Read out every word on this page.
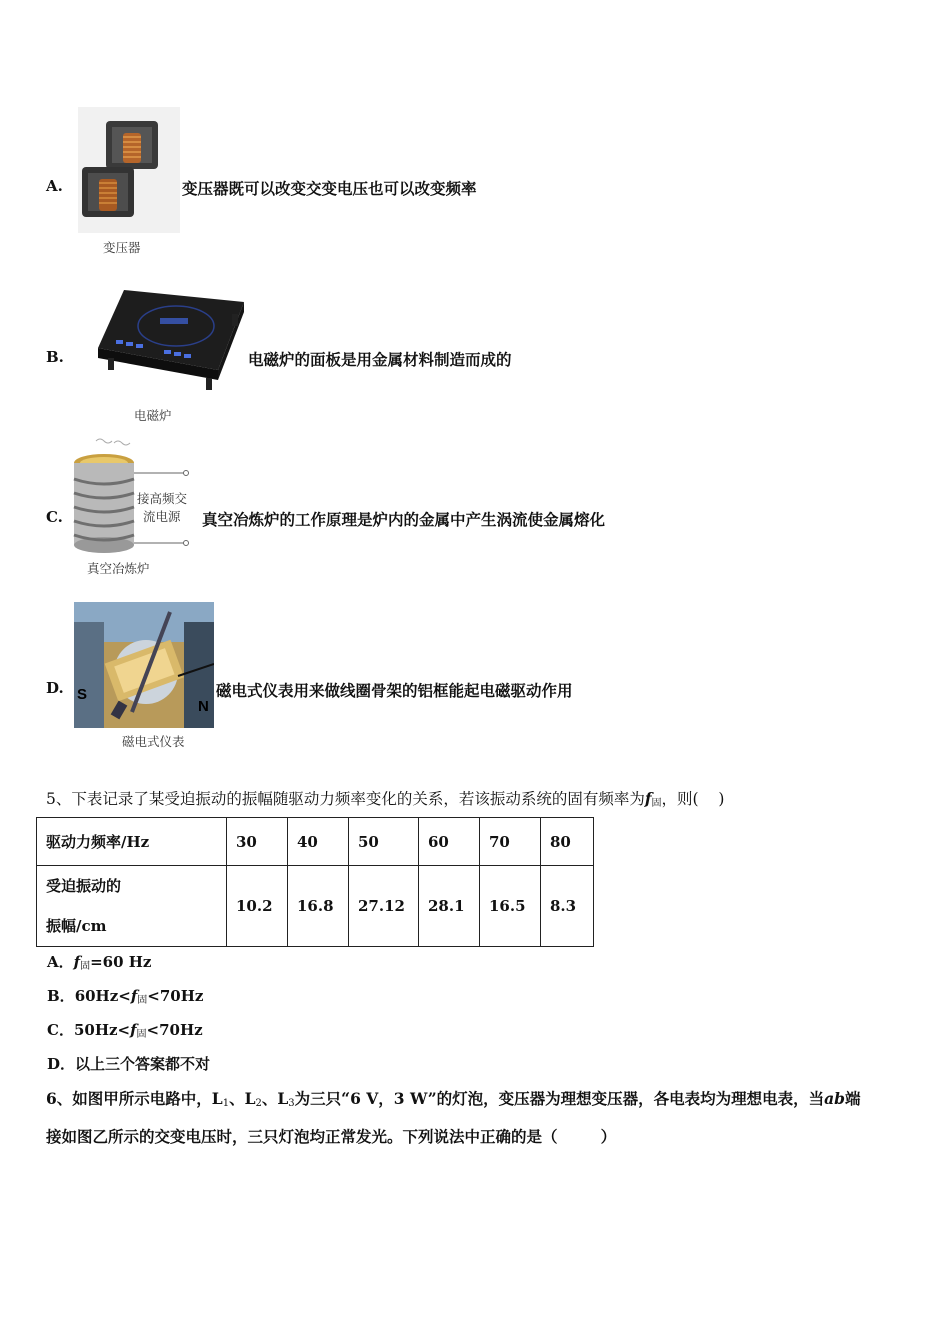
A.
变压器
变压器既可以改变交变电压也可以改变频率
B.
电磁炉
电磁炉的面板是用金属材料制造而成的
C.
接高频交
流电源
真空冶炼炉
真空冶炼炉的工作原理是炉内的金属中产生涡流使金属熔化
D. S
N
磁电式仪表
磁电式仪表用来做线圈骨架的铝框能起电磁驱动作用
5、下表记录了某受迫振动的振幅随驱动力频率变化的关系，若该振动系统的固有频率为$f_固$，则(    )
驱动力频率/Hz	30	40	50	60	70	80

受迫振动的
振幅/cm	10.2	16.8	27.12	28.1	16.5	8.3
A．$f_固=60$ Hz
B．$60Hz<f_固<70Hz$
C．$50Hz<f_固<70Hz$
D．以上三个答案都不对
6、如图甲所示电路中，$L_1$、$L_2$、$L_3$为三只“6 V，3 W”的灯泡，变压器为理想变压器，各电表均为理想电表，当ab端
接如图乙所示的交变电压时，三只灯泡均正常发光。下列说法中正确的是（        ）
